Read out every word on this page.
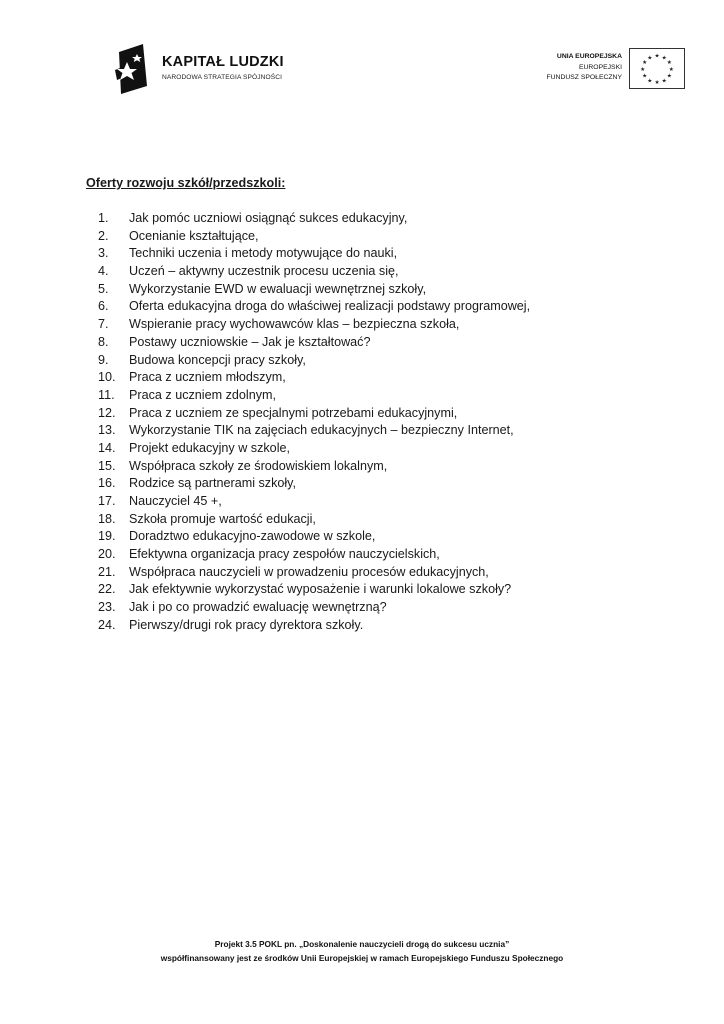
KAPITAŁ LUDZKI
NARODOWA STRATEGIA SPÓJNOŚCI
UNIA EUROPEJSKA
EUROPEJSKI
FUNDUSZ SPOŁECZNY
★ ★
★
★
★
★
★
★
★
★
★
★
Oferty rozwoju szkół/przedszkoli:
1. Jak pomóc uczniowi osiągnąć sukces edukacyjny,
2. Ocenianie kształtujące,
3. Techniki uczenia i metody motywujące do nauki,
4. Uczeń – aktywny uczestnik procesu uczenia się,
5. Wykorzystanie EWD w ewaluacji wewnętrznej szkoły,
6. Oferta edukacyjna droga do właściwej realizacji podstawy programowej,
7. Wspieranie pracy wychowawców klas – bezpieczna szkoła,
8. Postawy uczniowskie – Jak je kształtować?
9. Budowa koncepcji pracy szkoły,
10. Praca z uczniem młodszym,
11. Praca z uczniem zdolnym,
12. Praca z uczniem ze specjalnymi potrzebami edukacyjnymi,
13. Wykorzystanie TIK na zajęciach edukacyjnych – bezpieczny Internet,
14. Projekt edukacyjny w szkole,
15. Współpraca szkoły ze środowiskiem lokalnym,
16. Rodzice są partnerami szkoły,
17. Nauczyciel 45 +,
18. Szkoła promuje wartość edukacji,
19. Doradztwo edukacyjno-zawodowe w szkole,
20. Efektywna organizacja pracy zespołów nauczycielskich,
21. Współpraca nauczycieli w prowadzeniu procesów edukacyjnych,
22. Jak efektywnie wykorzystać wyposażenie i warunki lokalowe szkoły?
23. Jak i po co prowadzić ewaluację wewnętrzną?
24. Pierwszy/drugi rok pracy dyrektora szkoły.
Projekt 3.5 POKL pn. „Doskonalenie nauczycieli drogą do sukcesu ucznia”
współfinansowany jest ze środków Unii Europejskiej w ramach Europejskiego Funduszu Społecznego
